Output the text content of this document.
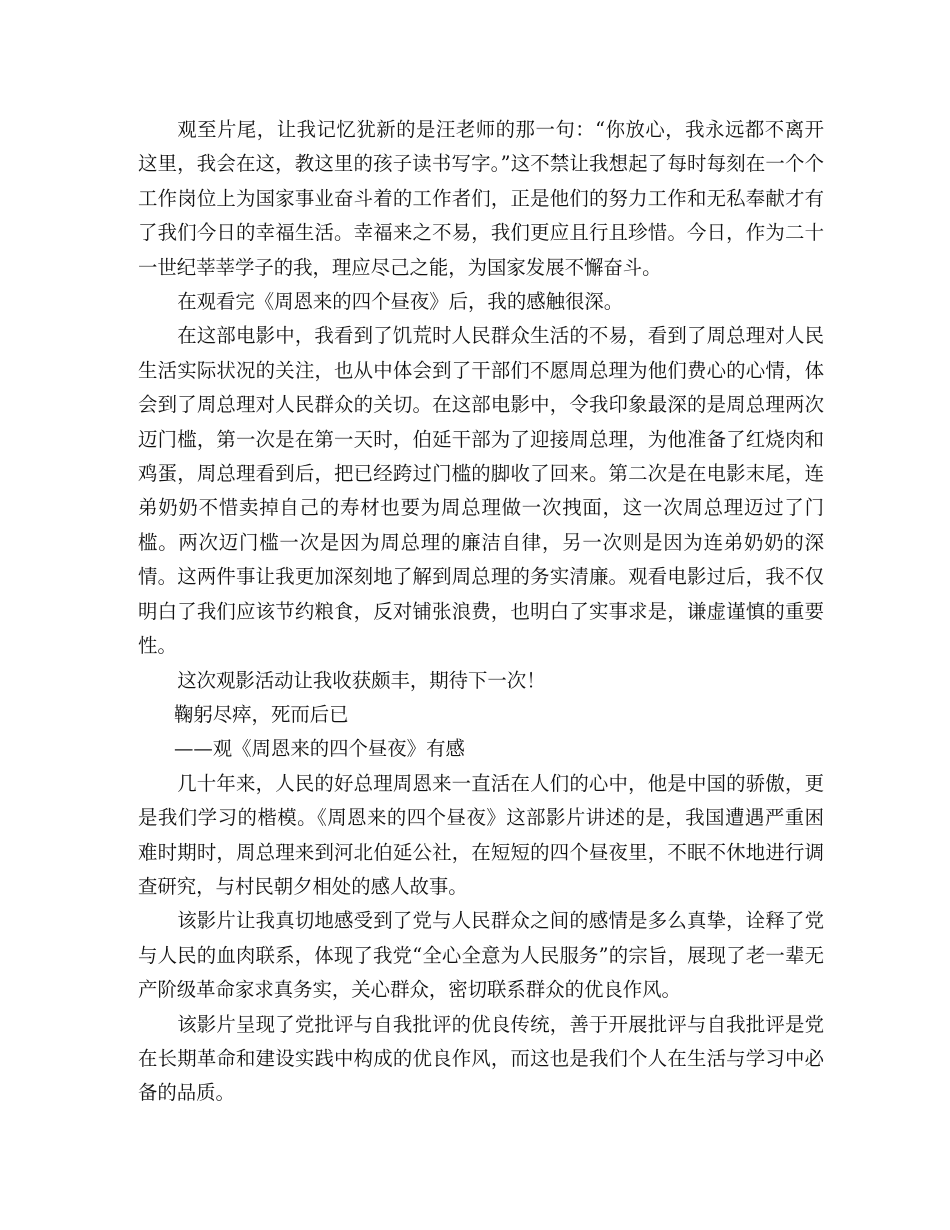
观至片尾，让我记忆犹新的是汪老师的那一句：“你放心，我永远都不离开这里，我会在这，教这里的孩子读书写字。”这不禁让我想起了每时每刻在一个个工作岗位上为国家事业奋斗着的工作者们，正是他们的努力工作和无私奉献才有了我们今日的幸福生活。幸福来之不易，我们更应且行且珍惜。今日，作为二十一世纪莘莘学子的我，理应尽己之能，为国家发展不懈奋斗。

在观看完《周恩来的四个昼夜》后，我的感触很深。

在这部电影中，我看到了饥荒时人民群众生活的不易，看到了周总理对人民生活实际状况的关注，也从中体会到了干部们不愿周总理为他们费心的心情，体会到了周总理对人民群众的关切。在这部电影中，令我印象最深的是周总理两次迈门槛，第一次是在第一天时，伯延干部为了迎接周总理，为他准备了红烧肉和鸡蛋，周总理看到后，把已经跨过门槛的脚收了回来。第二次是在电影末尾，连弟奶奶不惜卖掉自己的寿材也要为周总理做一次拽面，这一次周总理迈过了门槛。两次迈门槛一次是因为周总理的廉洁自律，另一次则是因为连弟奶奶的深情。这两件事让我更加深刻地了解到周总理的务实清廉。观看电影过后，我不仅明白了我们应该节约粮食，反对铺张浪费，也明白了实事求是，谦虚谨慎的重要性。

这次观影活动让我收获颇丰，期待下一次！

鞠躬尽瘁，死而后已

——观《周恩来的四个昼夜》有感

几十年来，人民的好总理周恩来一直活在人们的心中，他是中国的骄傲，更是我们学习的楷模。《周恩来的四个昼夜》这部影片讲述的是，我国遭遇严重困难时期时，周总理来到河北伯延公社，在短短的四个昼夜里，不眠不休地进行调查研究，与村民朝夕相处的感人故事。

该影片让我真切地感受到了党与人民群众之间的感情是多么真挚，诠释了党与人民的血肉联系，体现了我党“全心全意为人民服务”的宗旨，展现了老一辈无产阶级革命家求真务实，关心群众，密切联系群众的优良作风。

该影片呈现了党批评与自我批评的优良传统，善于开展批评与自我批评是党在长期革命和建设实践中构成的优良作风，而这也是我们个人在生活与学习中必备的品质。
